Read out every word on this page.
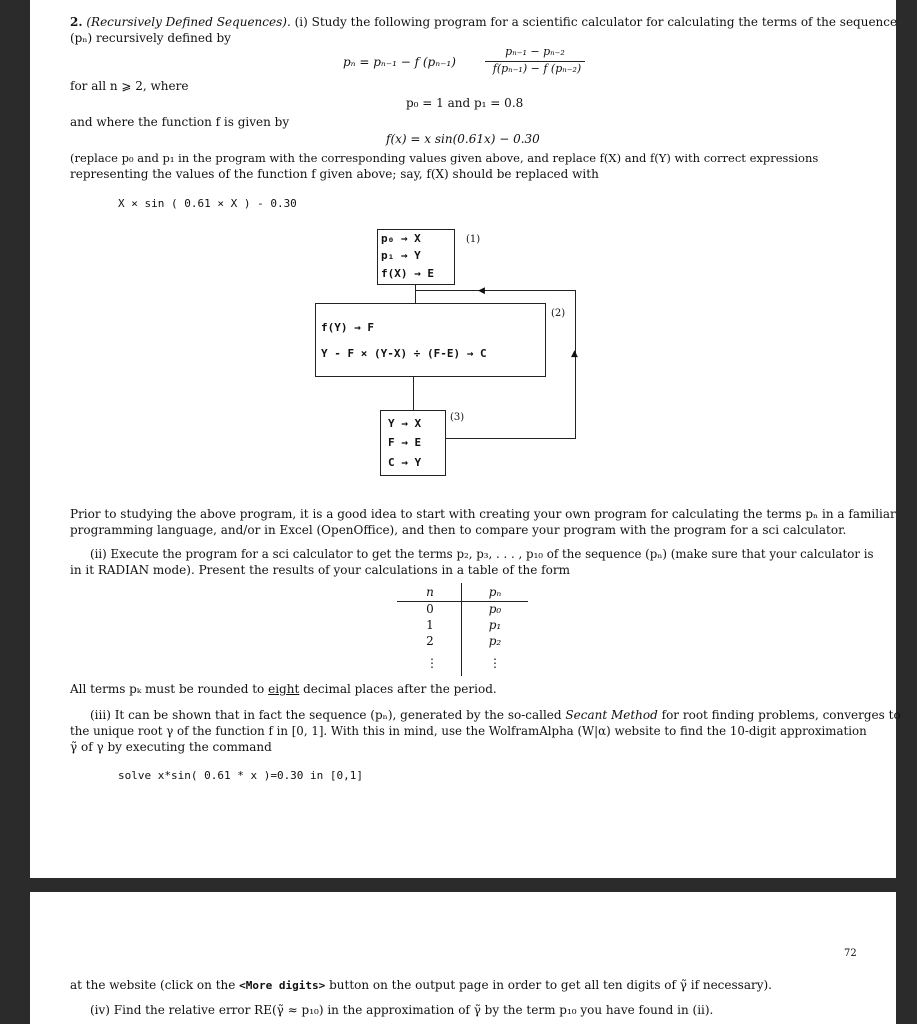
2. (Recursively Defined Sequences). (i) Study the following program for a scientific calculator for calculating the terms of the sequence
(pₙ) recursively defined by
pₙ = pₙ₋₁ − f (pₙ₋₁)
pₙ₋₁ − pₙ₋₂
f(pₙ₋₁) − f (pₙ₋₂)
for all n ⩾ 2, where
p₀ = 1 and p₁ = 0.8
and where the function f is given by
f(x) = x sin(0.61x) − 0.30
(replace p₀ and p₁ in the program with the corresponding values given above, and replace f(X) and f(Y) with correct expressions
representing the values of the function f given above; say, f(X) should be replaced with
X × sin ( 0.61 × X ) - 0.30
p₀ → X
p₁ → Y
f(X) → E
(1)
◀
f(Y) → F
Y - F × (Y-X) ÷ (F-E) → C
(2)
Y → X
F → E
C → Y
(3)
▲
Prior to studying the above program, it is a good idea to start with creating your own program for calculating the terms pₙ in a familiar
programming language, and/or in Excel (OpenOffice), and then to compare your program with the program for a sci calculator.
(ii) Execute the program for a sci calculator to get the terms p₂, p₃, . . . , p₁₀ of the sequence (pₙ) (make sure that your calculator is
in it RADIAN mode). Present the results of your calculations in a table of the form
n	pₙ
0	p₀
1	p₁
2	p₂
⋮	⋮
All terms pₖ must be rounded to eight decimal places after the period.
(iii) It can be shown that in fact the sequence (pₙ), generated by the so-called Secant Method for root finding problems, converges to
the unique root γ of the function f in [0, 1]. With this in mind, use the WolframAlpha (W|α) website to find the 10-digit approximation
γ̃ of γ by executing the command
solve x*sin( 0.61 * x )=0.30 in [0,1]
72
at the website (click on the <More digits> button on the output page in order to get all ten digits of γ̃ if necessary).
(iv) Find the relative error RE(γ̃ ≈ p₁₀) in the approximation of γ̃ by the term p₁₀ you have found in (ii).
